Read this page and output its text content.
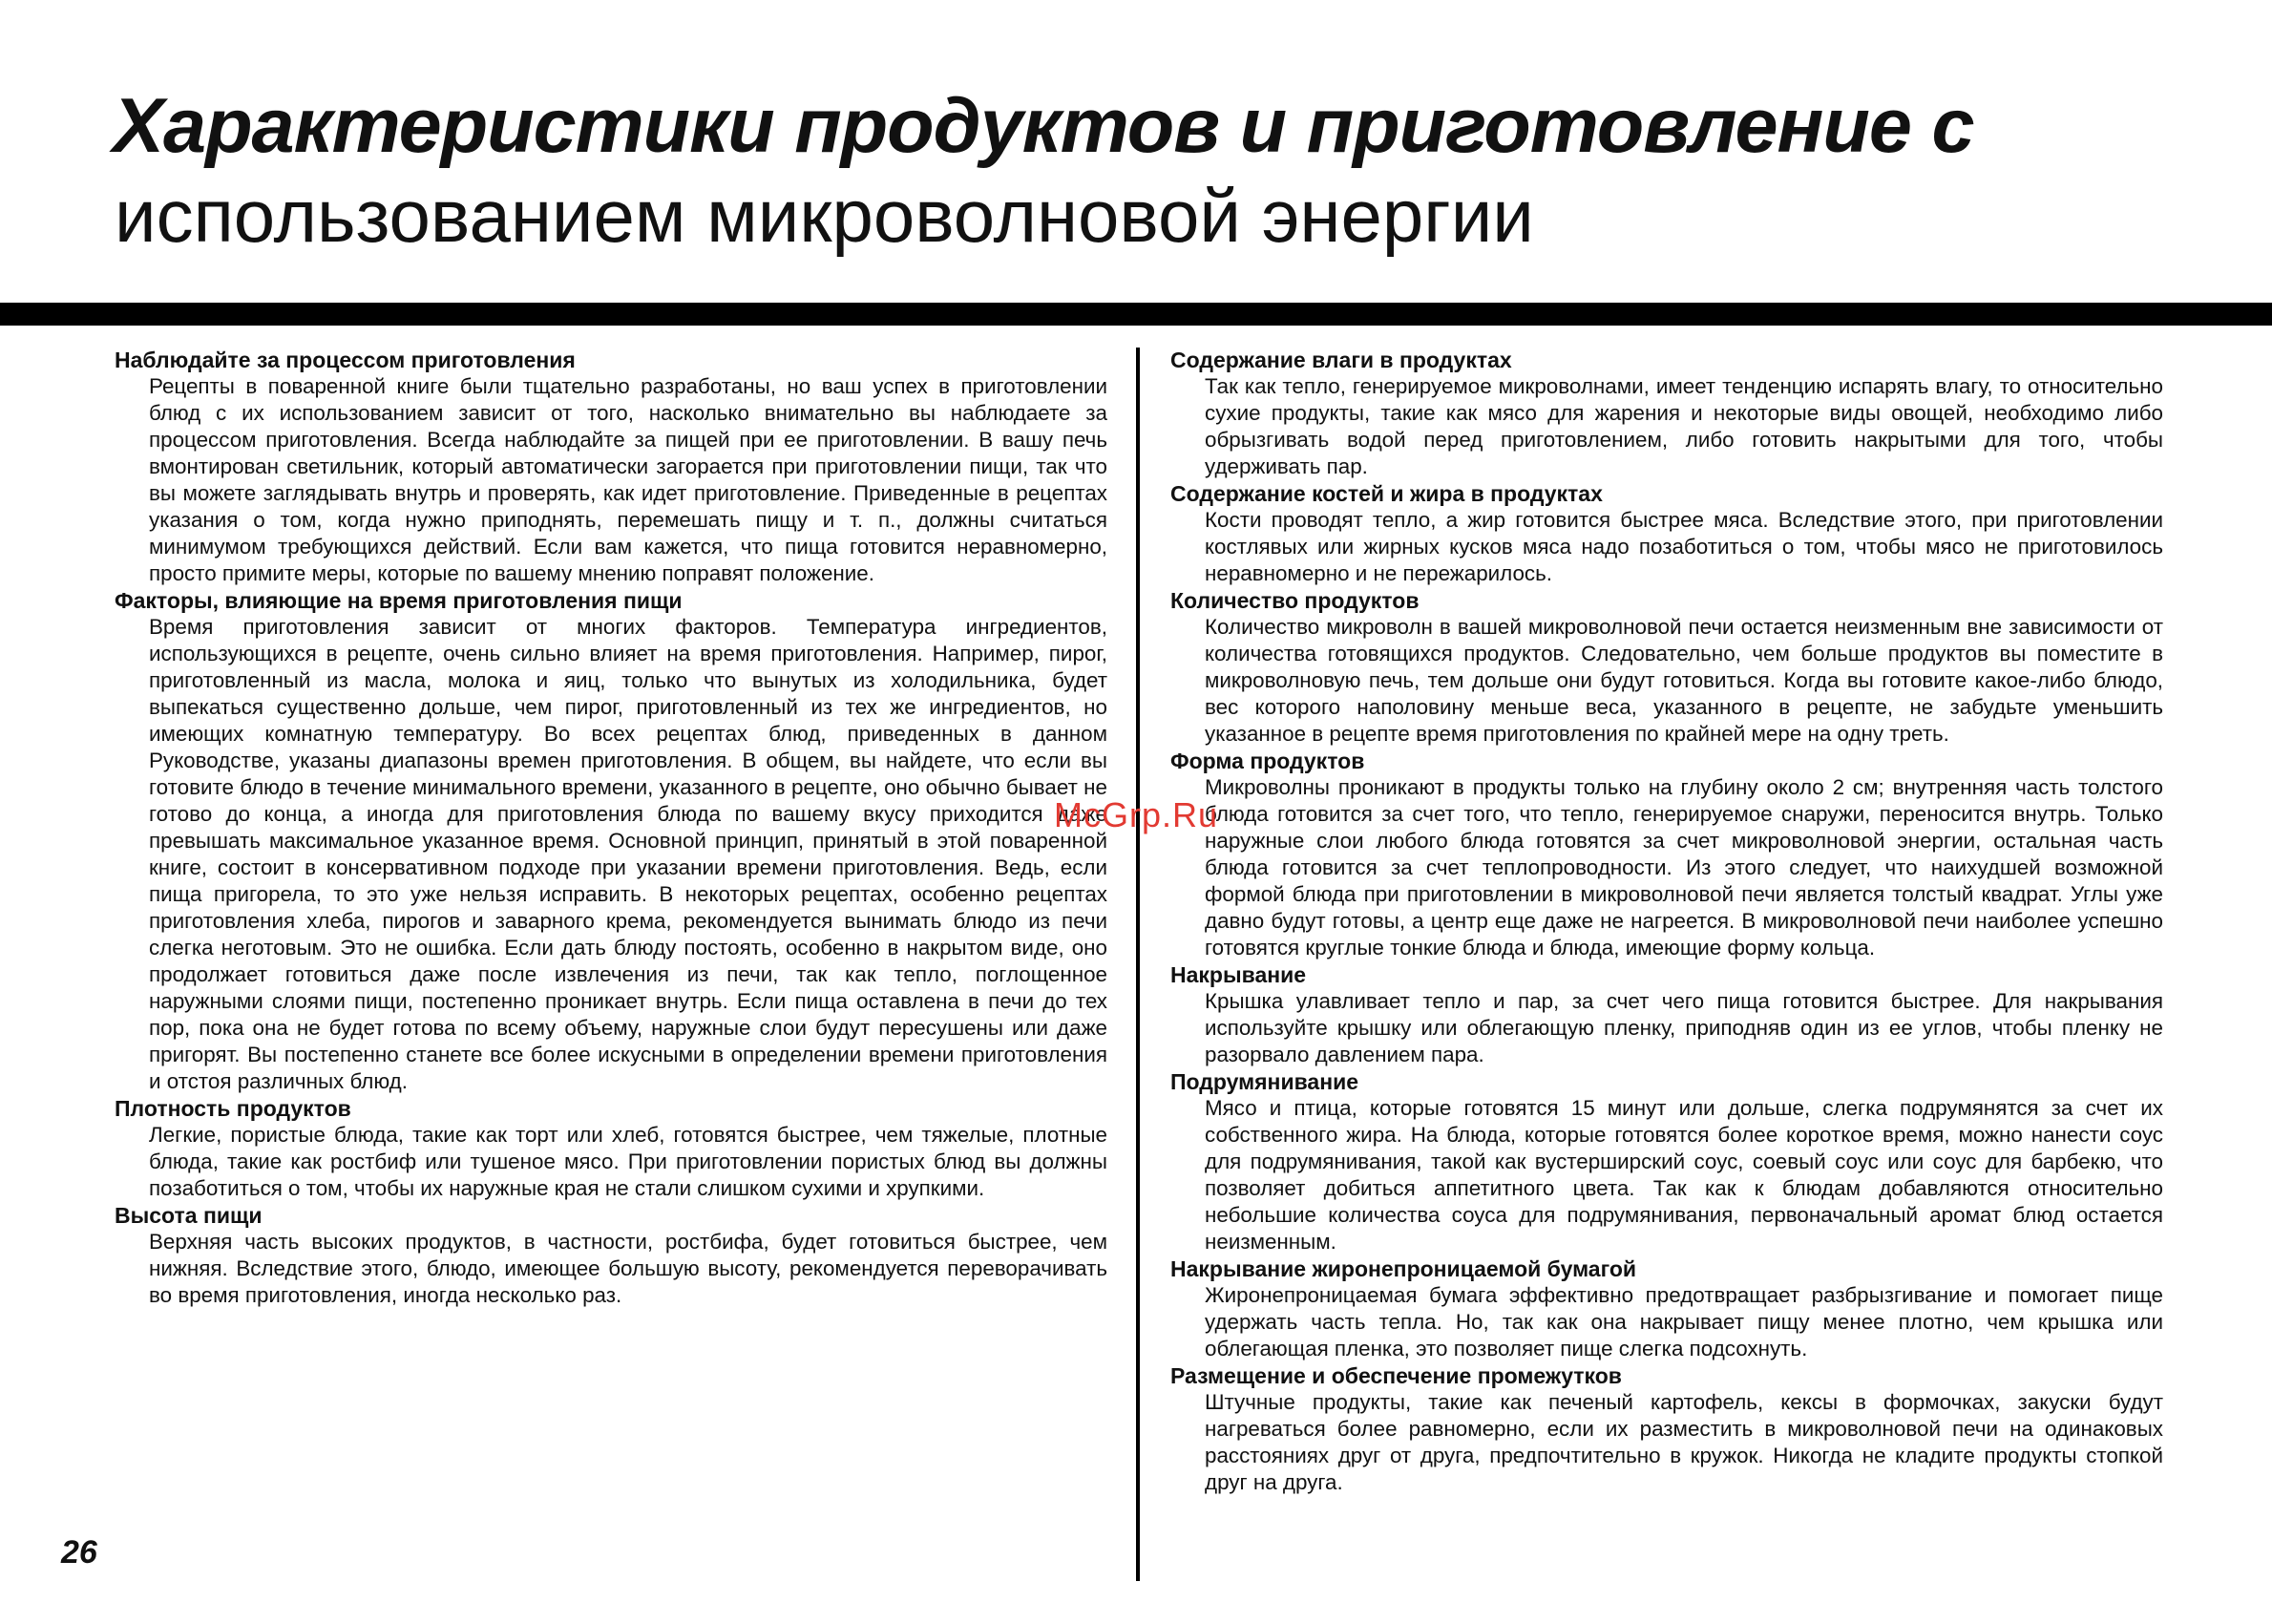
Характеристики продуктов и приготовление с
использованием микроволновой энергии

Наблюдайте за процессом приготовления

Рецепты в поваренной книге были тщательно разработаны, но ваш успех в приготовлении блюд с их использованием зависит от того, насколько внимательно вы наблюдаете за процессом приготовления. Всегда наблюдайте за пищей при ее приготовлении. В вашу печь вмонтирован светильник, который автоматически загорается при приготовлении пищи, так что вы можете заглядывать внутрь и проверять, как идет приготовление. Приведенные в рецептах указания о том, когда нужно приподнять, перемешать пищу и т. п., должны считаться минимумом требующихся действий. Если вам кажется, что пища готовится неравномерно, просто примите меры, которые по вашему мнению поправят положение.

Факторы, влияющие на время приготовления пищи

Время приготовления зависит от многих факторов. Температура ингредиентов, использующихся в рецепте, очень сильно влияет на время приготовления. Например, пирог, приготовленный из масла, молока и яиц, только что вынутых из холодильника, будет выпекаться существенно дольше, чем пирог, приготовленный из тех же ингредиентов, но имеющих комнатную температуру. Во всех рецептах блюд, приведенных в данном Руководстве, указаны диапазоны времен приготовления. В общем, вы найдете, что если вы готовите блюдо в течение минимального времени, указанного в рецепте, оно обычно бывает не готово до конца, а иногда для приготовления блюда по вашему вкусу приходится даже превышать максимальное указанное время. Основной принцип, принятый в этой поваренной книге, состоит в консервативном подходе при указании времени приготовления. Ведь, если пища пригорела, то это уже нельзя исправить. В некоторых рецептах, особенно рецептах приготовления хлеба, пирогов и заварного крема, рекомендуется вынимать блюдо из печи слегка неготовым. Это не ошибка. Если дать блюду постоять, особенно в накрытом виде, оно продолжает готовиться даже после извлечения из печи, так как тепло, поглощенное наружными слоями пищи, постепенно проникает внутрь. Если пища оставлена в печи до тех пор, пока она не будет готова по всему объему, наружные слои будут пересушены или даже пригорят. Вы постепенно станете все более искусными в определении времени приготовления и отстоя различных блюд.

Плотность продуктов

Легкие, пористые блюда, такие как торт или хлеб, готовятся быстрее, чем тяжелые, плотные блюда, такие как ростбиф или тушеное мясо. При приготовлении пористых блюд вы должны позаботиться о том, чтобы их наружные края не стали слишком сухими и хрупкими.

Высота пищи

Верхняя часть высоких продуктов, в частности, ростбифа, будет готовиться быстрее, чем нижняя. Вследствие этого, блюдо, имеющее большую высоту, рекомендуется переворачивать во время приготовления, иногда несколько раз.

Содержание влаги в продуктах

Так как тепло, генерируемое микроволнами, имеет тенденцию испарять влагу, то относительно сухие продукты, такие как мясо для жарения и некоторые виды овощей, необходимо либо обрызгивать водой перед приготовлением, либо готовить накрытыми для того, чтобы удерживать пар.

Содержание костей и жира в продуктах

Кости проводят тепло, а жир готовится быстрее мяса. Вследствие этого, при приготовлении костлявых или жирных кусков мяса надо позаботиться о том, чтобы мясо не приготовилось неравномерно и не пережарилось.

Количество продуктов

Количество микроволн в вашей микроволновой печи остается неизменным вне зависимости от количества готовящихся продуктов. Следовательно, чем больше продуктов вы поместите в микроволновую печь, тем дольше они будут готовиться. Когда вы готовите какое-либо блюдо, вес которого наполовину меньше веса, указанного в рецепте, не забудьте уменьшить указанное в рецепте время приготовления по крайней мере на одну треть.

Форма продуктов

Микроволны проникают в продукты только на глубину около 2 см; внутренняя часть толстого блюда готовится за счет того, что тепло, генерируемое снаружи, переносится внутрь. Только наружные слои любого блюда готовятся за счет микроволновой энергии, остальная часть блюда готовится за счет теплопроводности. Из этого следует, что наихудшей возможной формой блюда при приготовлении в микроволновой печи является толстый квадрат. Углы уже давно будут готовы, а центр еще даже не нагреется. В микроволновой печи наиболее успешно готовятся круглые тонкие блюда и блюда, имеющие форму кольца.

Накрывание

Крышка улавливает тепло и пар, за счет чего пища готовится быстрее. Для накрывания используйте крышку или облегающую пленку, приподняв один из ее углов, чтобы пленку не разорвало давлением пара.

Подрумянивание

Мясо и птица, которые готовятся 15 минут или дольше, слегка подрумянятся за счет их собственного жира. На блюда, которые готовятся более короткое время, можно нанести соус для подрумянивания, такой как вустерширский соус, соевый соус или соус для барбекю, что позволяет добиться аппетитного цвета. Так как к блюдам добавляются относительно небольшие количества соуса для подрумянивания, первоначальный аромат блюд остается неизменным.

Накрывание жиронепроницаемой бумагой

Жиронепроницаемая бумага эффективно предотвращает разбрызгивание и помогает пище удержать часть тепла. Но, так как она накрывает пищу менее плотно, чем крышка или облегающая пленка, это позволяет пище слегка подсохнуть.

Размещение и обеспечение промежутков

Штучные продукты, такие как печеный картофель, кексы в формочках, закуски будут нагреваться более равномерно, если их разместить в микроволновой печи на одинаковых расстояниях друг от друга, предпочтительно в кружок. Никогда не кладите продукты стопкой друг на друга.

McGrp.Ru
26
